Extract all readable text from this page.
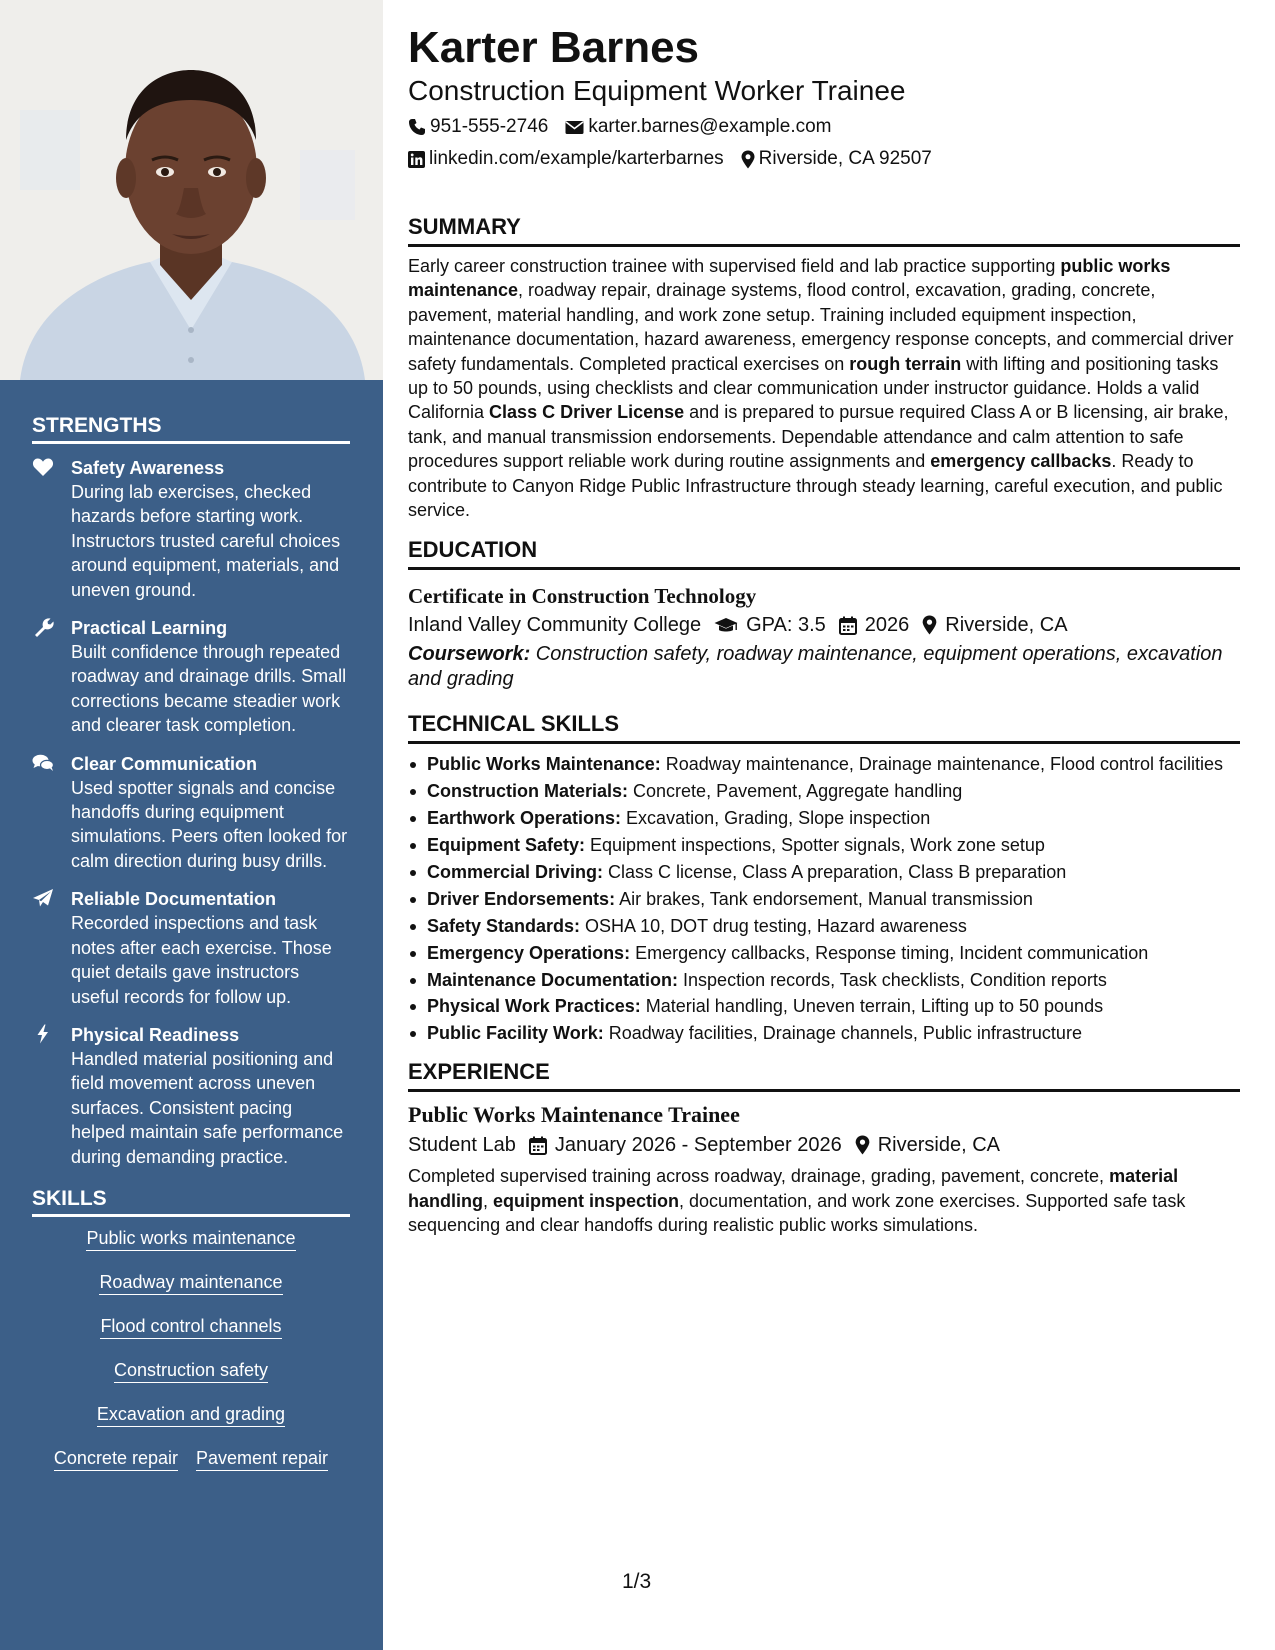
STRENGTHS
Safety Awareness
During lab exercises, checked hazards before starting work. Instructors trusted careful choices around equipment, materials, and uneven ground.
Practical Learning
Built confidence through repeated roadway and drainage drills. Small corrections became steadier work and clearer task completion.
Clear Communication
Used spotter signals and concise handoffs during equipment simulations. Peers often looked for calm direction during busy drills.
Reliable Documentation
Recorded inspections and task notes after each exercise. Those quiet details gave instructors useful records for follow up.
Physical Readiness
Handled material positioning and field movement across uneven surfaces. Consistent pacing helped maintain safe performance during demanding practice.
SKILLS
Public works maintenance
Roadway maintenance
Flood control channels
Construction safety
Excavation and grading
Concrete repair Pavement repair
Karter Barnes
Construction Equipment Worker Trainee
951-555-2746 karter.barnes@example.com
linkedin.com/example/karterbarnes Riverside, CA 92507
SUMMARY

Early career construction trainee with supervised field and lab practice supporting public works maintenance, roadway repair, drainage systems, flood control, excavation, grading, concrete, pavement, material handling, and work zone setup. Training included equipment inspection, maintenance documentation, hazard awareness, emergency response concepts, and commercial driver safety fundamentals. Completed practical exercises on rough terrain with lifting and positioning tasks up to 50 pounds, using checklists and clear communication under instructor guidance. Holds a valid California Class C Driver License and is prepared to pursue required Class A or B licensing, air brake, tank, and manual transmission endorsements. Dependable attendance and calm attention to safe procedures support reliable work during routine assignments and emergency callbacks. Ready to contribute to Canyon Ridge Public Infrastructure through steady learning, careful execution, and public service.

EDUCATION
Certificate in Construction Technology
Inland Valley Community College GPA: 3.5 2026 Riverside, CA

Coursework: Construction safety, roadway maintenance, equipment operations, excavation and grading

TECHNICAL SKILLS
Public Works Maintenance: Roadway maintenance, Drainage maintenance, Flood control facilities
Construction Materials: Concrete, Pavement, Aggregate handling
Earthwork Operations: Excavation, Grading, Slope inspection
Equipment Safety: Equipment inspections, Spotter signals, Work zone setup
Commercial Driving: Class C license, Class A preparation, Class B preparation
Driver Endorsements: Air brakes, Tank endorsement, Manual transmission
Safety Standards: OSHA 10, DOT drug testing, Hazard awareness
Emergency Operations: Emergency callbacks, Response timing, Incident communication
Maintenance Documentation: Inspection records, Task checklists, Condition reports
Physical Work Practices: Material handling, Uneven terrain, Lifting up to 50 pounds
Public Facility Work: Roadway facilities, Drainage channels, Public infrastructure
EXPERIENCE
Public Works Maintenance Trainee
Student Lab January 2026 - September 2026 Riverside, CA

Completed supervised training across roadway, drainage, grading, pavement, concrete, material handling, equipment inspection, documentation, and work zone exercises. Supported safe task sequencing and clear handoffs during realistic public works simulations.

1/3
